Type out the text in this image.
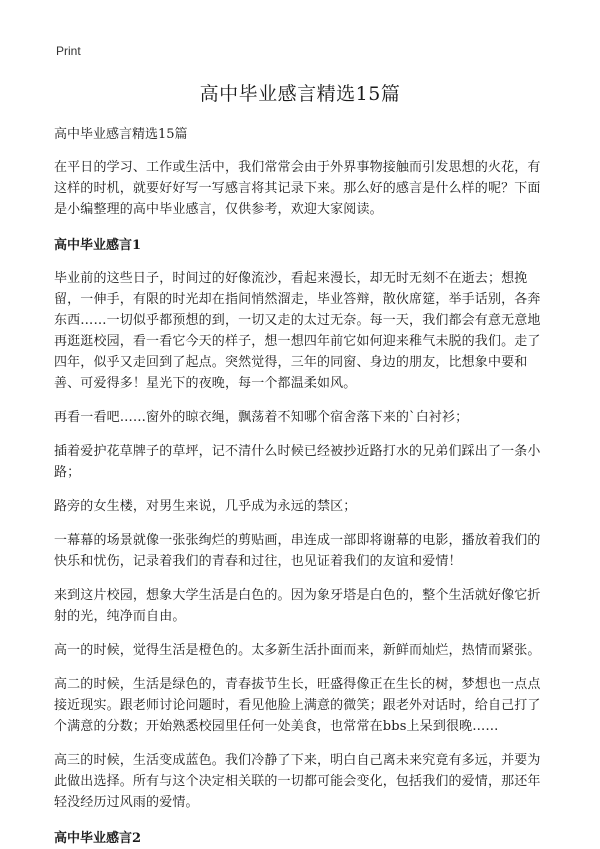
Print
高中毕业感言精选15篇
高中毕业感言精选15篇

在平日的学习、工作或生活中，我们常常会由于外界事物接触而引发思想的火花，有这样的时机，就要好好写一写感言将其记录下来。那么好的感言是什么样的呢？下面是小编整理的高中毕业感言，仅供参考，欢迎大家阅读。

高中毕业感言1

毕业前的这些日子，时间过的好像流沙，看起来漫长，却无时无刻不在逝去；想挽留，一伸手，有限的时光却在指间悄然溜走，毕业答辩，散伙席筵，举手话别，各奔东西……一切似乎都预想的到，一切又走的太过无奈。每一天，我们都会有意无意地再逛逛校园，看一看它今天的样子，想一想四年前它如何迎来稚气未脱的我们。走了四年，似乎又走回到了起点。突然觉得，三年的同窗、身边的朋友，比想象中要和善、可爱得多！星光下的夜晚，每一个都温柔如风。

再看一看吧……窗外的晾衣绳，飘荡着不知哪个宿舍落下来的`白衬衫；

插着爱护花草牌子的草坪，记不清什么时候已经被抄近路打水的兄弟们踩出了一条小路；

路旁的女生楼，对男生来说，几乎成为永远的禁区；

一幕幕的场景就像一张张绚烂的剪贴画，串连成一部即将谢幕的电影，播放着我们的快乐和忧伤，记录着我们的青春和过往，也见证着我们的友谊和爱情！

来到这片校园，想象大学生活是白色的。因为象牙塔是白色的，整个生活就好像它折射的光，纯净而自由。

高一的时候，觉得生活是橙色的。太多新生活扑面而来，新鲜而灿烂，热情而紧张。

高二的时候，生活是绿色的，青春拔节生长，旺盛得像正在生长的树，梦想也一点点接近现实。跟老师讨论问题时，看见他脸上满意的微笑；跟老外对话时，给自己打了个满意的分数；开始熟悉校园里任何一处美食，也常常在bbs上呆到很晚……

高三的时候，生活变成蓝色。我们冷静了下来，明白自己离未来究竟有多远，并要为此做出选择。所有与这个决定相关联的一切都可能会变化，包括我们的爱情，那还年轻没经历过风雨的爱情。

高中毕业感言2
